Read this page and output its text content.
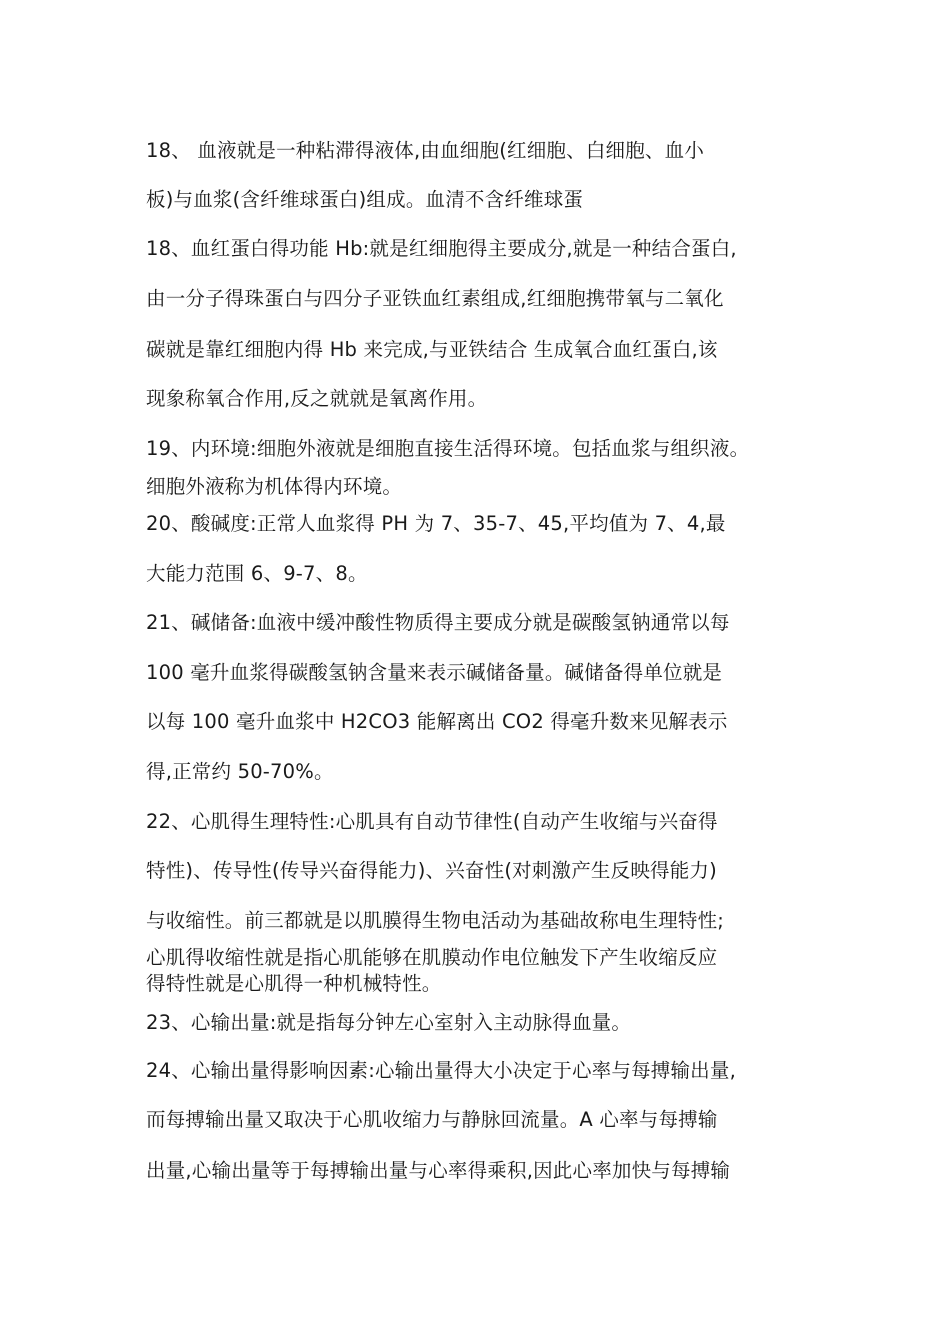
18、 血液就是一种粘滞得液体,由血细胞(红细胞、白细胞、血小
板)与血浆(含纤维球蛋白)组成。血清不含纤维球蛋
18、血红蛋白得功能 Hb:就是红细胞得主要成分,就是一种结合蛋白,
由一分子得珠蛋白与四分子亚铁血红素组成,红细胞携带氧与二氧化
碳就是靠红细胞内得 Hb 来完成,与亚铁结合 生成氧合血红蛋白,该
现象称氧合作用,反之就就是氧离作用。
19、内环境:细胞外液就是细胞直接生活得环境。包括血浆与组织液。
细胞外液称为机体得内环境。
20、酸碱度:正常人血浆得 PH 为 7、35-7、45,平均值为 7、4,最
大能力范围 6、9-7、8。
21、碱储备:血液中缓冲酸性物质得主要成分就是碳酸氢钠通常以每
100 毫升血浆得碳酸氢钠含量来表示碱储备量。碱储备得单位就是
以每 100 毫升血浆中 H2CO3 能解离出 CO2 得毫升数来见解表示
得,正常约 50-70%。
22、心肌得生理特性:心肌具有自动节律性(自动产生收缩与兴奋得
特性)、传导性(传导兴奋得能力)、兴奋性(对刺激产生反映得能力)
与收缩性。前三都就是以肌膜得生物电活动为基础故称电生理特性;
心肌得收缩性就是指心肌能够在肌膜动作电位触发下产生收缩反应
得特性就是心肌得一种机械特性。
23、心输出量:就是指每分钟左心室射入主动脉得血量。
24、心输出量得影响因素:心输出量得大小决定于心率与每搏输出量,
而每搏输出量又取决于心肌收缩力与静脉回流量。A 心率与每搏输
出量,心输出量等于每搏输出量与心率得乘积,因此心率加快与每搏输
